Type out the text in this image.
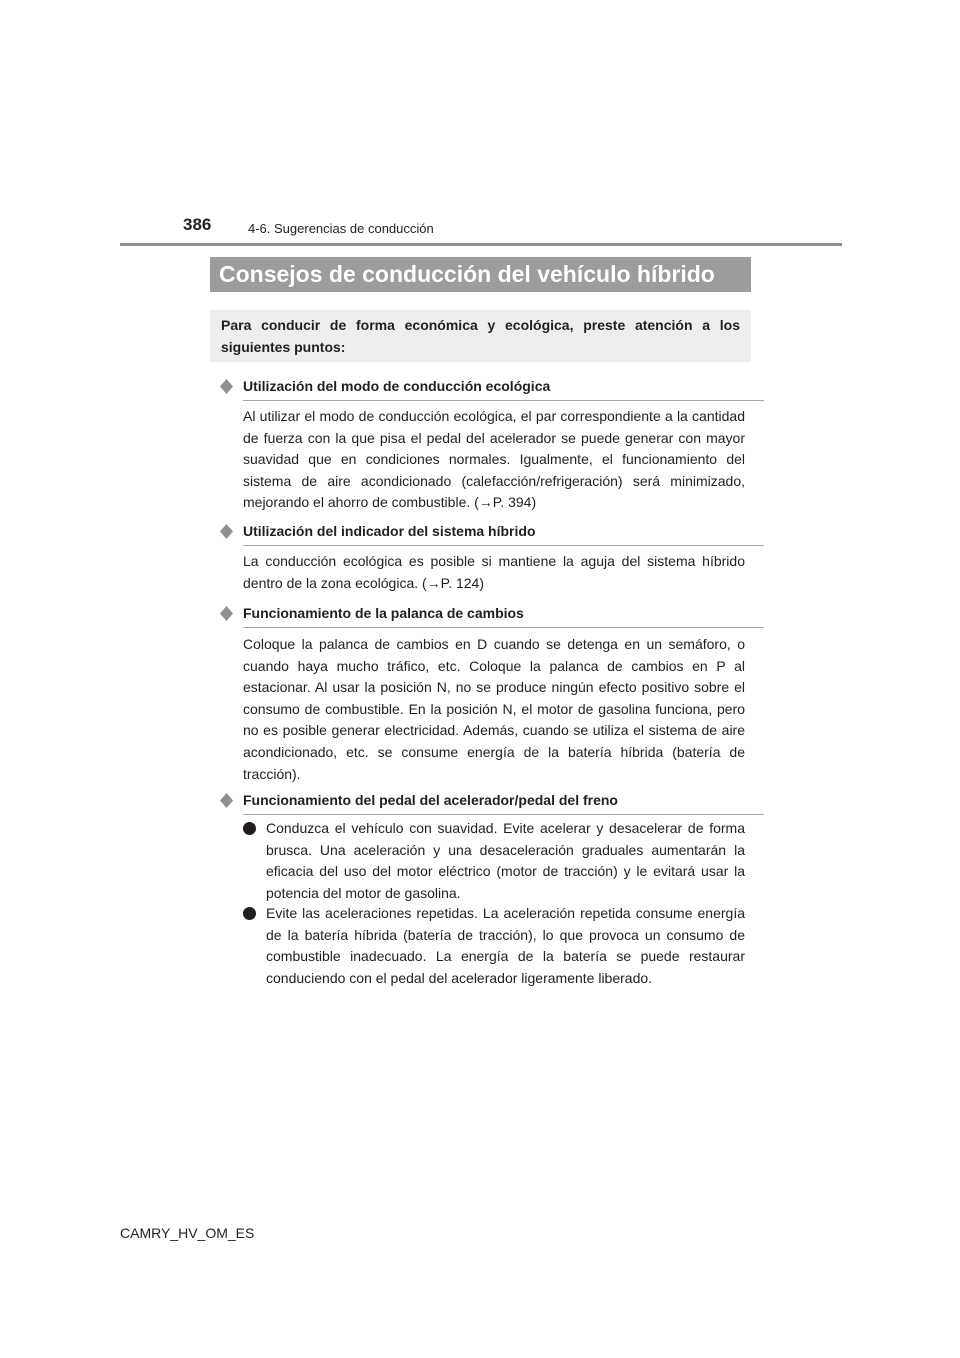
386	4-6. Sugerencias de conducción
Consejos de conducción del vehículo híbrido
Para conducir de forma económica y ecológica, preste atención a los siguientes puntos:
Utilización del modo de conducción ecológica

Al utilizar el modo de conducción ecológica, el par correspondiente a la cantidad de fuerza con la que pisa el pedal del acelerador se puede generar con mayor suavidad que en condiciones normales. Igualmente, el funcionamiento del sistema de aire acondicionado (calefacción/refrigeración) será minimizado, mejorando el ahorro de combustible. (→P. 394)

Utilización del indicador del sistema híbrido

La conducción ecológica es posible si mantiene la aguja del sistema híbrido dentro de la zona ecológica. (→P. 124)

Funcionamiento de la palanca de cambios

Coloque la palanca de cambios en D cuando se detenga en un semáforo, o cuando haya mucho tráfico, etc. Coloque la palanca de cambios en P al estacionar. Al usar la posición N, no se produce ningún efecto positivo sobre el consumo de combustible. En la posición N, el motor de gasolina funciona, pero no es posible generar electricidad. Además, cuando se utiliza el sistema de aire acondicionado, etc. se consume energía de la batería híbrida (batería de tracción).

Funcionamiento del pedal del acelerador/pedal del freno
Conduzca el vehículo con suavidad. Evite acelerar y desacelerar de forma brusca. Una aceleración y una desaceleración graduales aumentarán la eficacia del uso del motor eléctrico (motor de tracción) y le evitará usar la potencia del motor de gasolina.
Evite las aceleraciones repetidas. La aceleración repetida consume energía de la batería híbrida (batería de tracción), lo que provoca un consumo de combustible inadecuado. La energía de la batería se puede restaurar conduciendo con el pedal del acelerador ligeramente liberado.
CAMRY_HV_OM_ES
